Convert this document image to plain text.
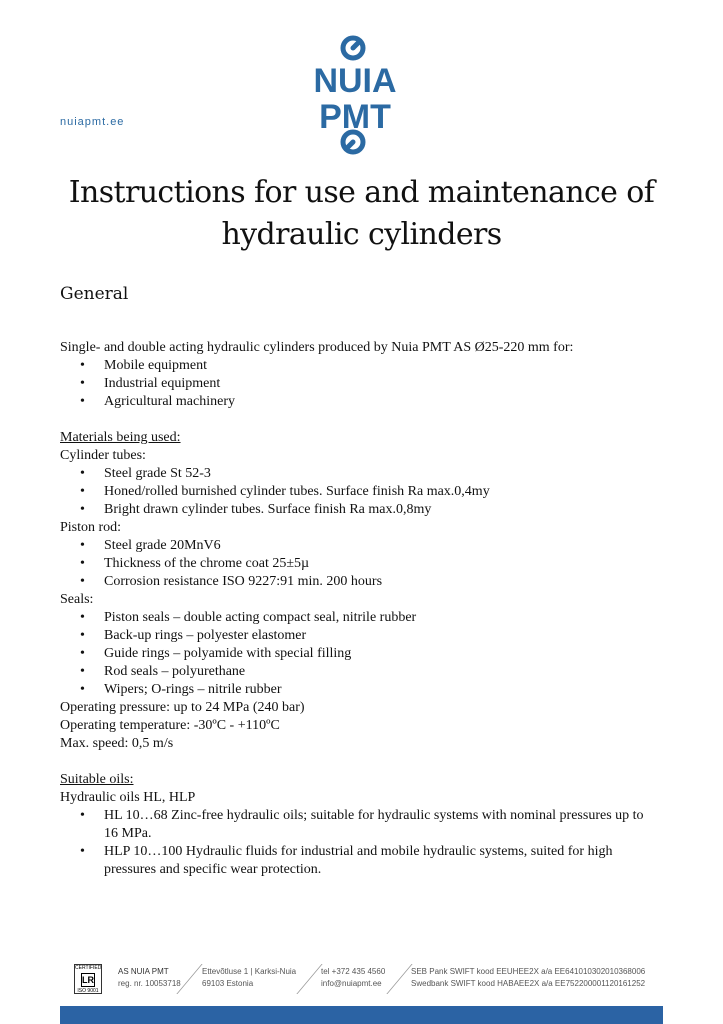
nuiapmt.ee
NUIA
PMT
Instructions for use and maintenance of
hydraulic cylinders
General

Single- and double acting hydraulic cylinders produced by Nuia PMT AS Ø25-220 mm for:

• Mobile equipment
• Industrial equipment
• Agricultural machinery

Materials being used:

Cylinder tubes:

• Steel grade St 52-3
• Honed/rolled burnished cylinder tubes. Surface finish Ra max.0,4my
• Bright drawn cylinder tubes. Surface finish Ra max.0,8my

Piston rod:

• Steel grade 20MnV6
• Thickness of the chrome coat 25±5µ
• Corrosion resistance ISO 9227:91 min. 200 hours

Seals:

• Piston seals – double acting compact seal, nitrile rubber
• Back-up rings – polyester elastomer
• Guide rings – polyamide with special filling
• Rod seals – polyurethane
• Wipers; O-rings – nitrile rubber

Operating pressure: up to 24 MPa (240 bar)

Operating temperature: -30ºC - +110ºC

Max. speed: 0,5 m/s

Suitable oils:

Hydraulic oils HL, HLP

• HL 10…68 Zinc-free hydraulic oils; suitable for hydraulic systems with nominal pressures up to 16 MPa.
• HLP 10…100 Hydraulic fluids for industrial and mobile hydraulic systems, suited for high pressures and specific wear protection.
CERTIFIED
LR
ISO 9001
AS NUIA PMT
reg. nr. 10053718
Ettevõtluse 1 | Karksi-Nuia
69103 Estonia
tel +372 435 4560
info@nuiapmt.ee
SEB Pank SWIFT kood EEUHEE2X a/a EE641010302010368006
Swedbank SWIFT kood HABAEE2X a/a EE752200001120161252
